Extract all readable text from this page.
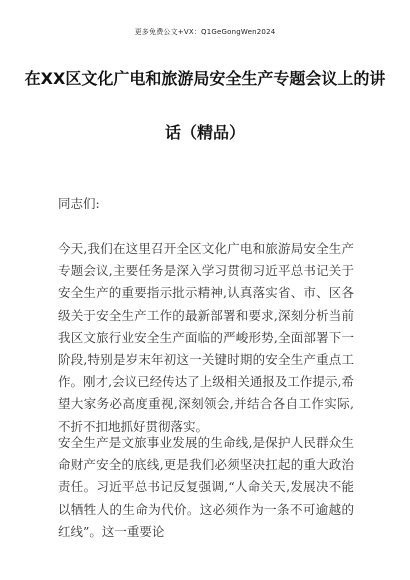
更多免费公文+VX：Q1GeGongWen2024
在XX区文化广电和旅游局安全生产专题会议上的讲
话（精品）
同志们:

今天,我们在这里召开全区文化广电和旅游局安全生产专题会议,主要任务是深入学习贯彻习近平总书记关于安全生产的重要指示批示精神,认真落实省、市、区各级关于安全生产工作的最新部署和要求,深刻分析当前我区文旅行业安全生产面临的严峻形势,全面部署下一阶段,特别是岁末年初这一关键时期的安全生产重点工作。刚才,会议已经传达了上级相关通报及工作提示,希望大家务必高度重视,深刻领会,并结合各自工作实际,不折不扣地抓好贯彻落实。

安全生产是文旅事业发展的生命线,是保护人民群众生命财产安全的底线,更是我们必须坚决扛起的重大政治责任。习近平总书记反复强调,“人命关天,发展决不能以牺牲人的生命为代价。这必须作为一条不可逾越的红线”。这一重要论
